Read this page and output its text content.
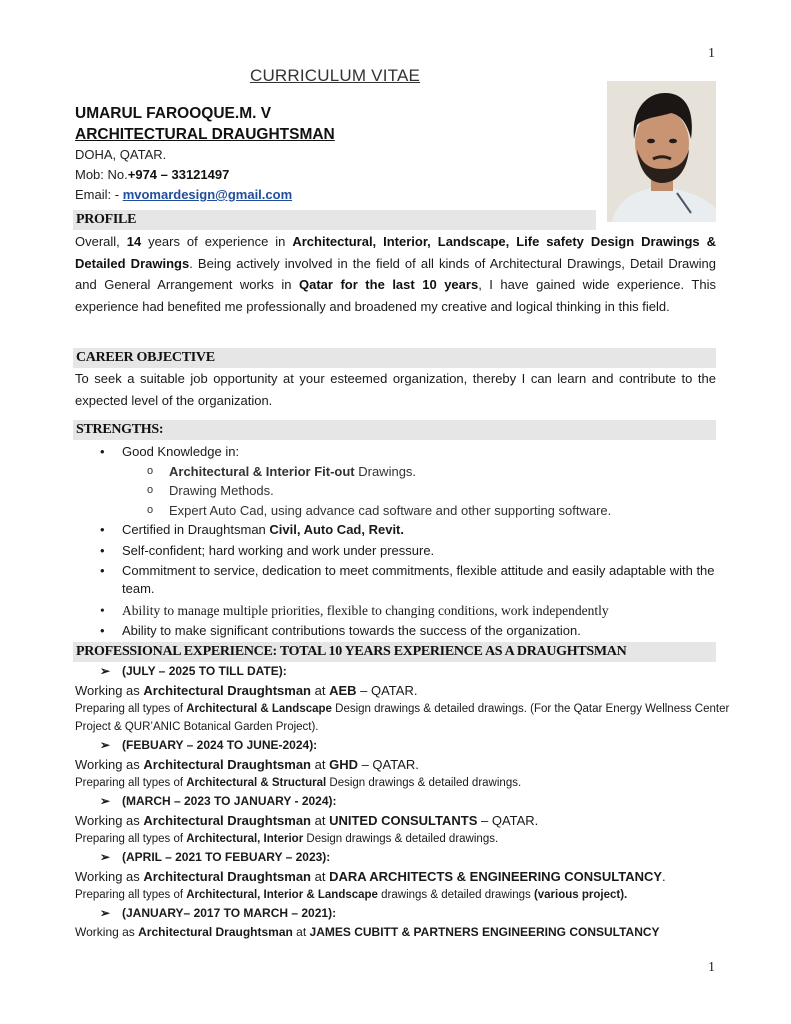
1
CURRICULUM VITAE

UMARUL FAROOQUE.M. V

ARCHITECTURAL DRAUGHTSMAN

DOHA, QATAR.
Mob: No.+974 – 33121497
Email: - mvomardesign@gmail.com
PROFILE
Overall, 14 years of experience in Architectural, Interior, Landscape, Life safety Design Drawings & Detailed Drawings. Being actively involved in the field of all kinds of Architectural Drawings, Detail Drawing and General Arrangement works in Qatar for the last 10 years, I have gained wide experience. This experience had benefited me professionally and broadened my creative and logical thinking in this field.
CAREER OBJECTIVE
To seek a suitable job opportunity at your esteemed organization, thereby I can learn and contribute to the expected level of the organization.
STRENGTHS:
• Good Knowledge in:
o Architectural & Interior Fit-out Drawings.
o Drawing Methods.
o Expert Auto Cad, using advance cad software and other supporting software.
• Certified in Draughtsman Civil, Auto Cad, Revit.
• Self-confident; hard working and work under pressure.
• Commitment to service, dedication to meet commitments, flexible attitude and easily adaptable with the team.
• Ability to manage multiple priorities, flexible to changing conditions, work independently
• Ability to make significant contributions towards the success of the organization.
PROFESSIONAL EXPERIENCE: TOTAL 10 YEARS EXPERIENCE AS A DRAUGHTSMAN
➢ (JULY – 2025 TO TILL DATE):
Working as Architectural Draughtsman at AEB – QATAR.
Preparing all types of Architectural & Landscape Design drawings & detailed drawings. (For the Qatar Energy Wellness Center Project & QUR’ANIC Botanical Garden Project).
➢ (FEBUARY – 2024 TO JUNE-2024):
Working as Architectural Draughtsman at GHD – QATAR.
Preparing all types of Architectural & Structural Design drawings & detailed drawings.
➢ (MARCH – 2023 TO JANUARY - 2024):
Working as Architectural Draughtsman at UNITED CONSULTANTS – QATAR.
Preparing all types of Architectural, Interior Design drawings & detailed drawings.
➢ (APRIL – 2021 TO FEBUARY – 2023):
Working as Architectural Draughtsman at DARA ARCHITECTS & ENGINEERING CONSULTANCY.
Preparing all types of Architectural, Interior & Landscape drawings & detailed drawings (various project).
➢ (JANUARY– 2017 TO MARCH – 2021):
Working as Architectural Draughtsman at JAMES CUBITT & PARTNERS ENGINEERING CONSULTANCY
1
